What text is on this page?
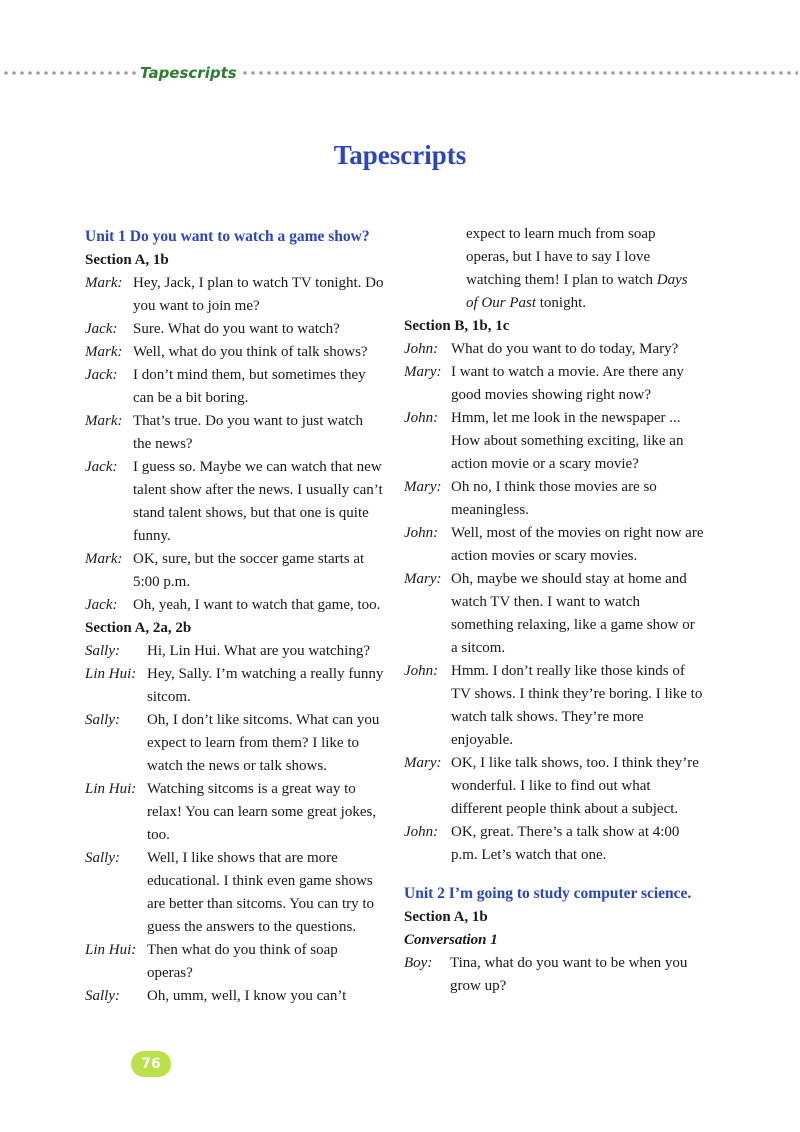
Tapescripts
Tapescripts
Unit 1 Do you want to watch a game show?
Section A, 1b
Mark: Hey, Jack, I plan to watch TV tonight. Do you want to join me?
Jack:	Sure. What do you want to watch?
Mark: Well, what do you think of talk shows?
Jack:	I don’t mind them, but sometimes they can be a bit boring.
Mark: That’s true. Do you want to just watch the news?
Jack:	I guess so. Maybe we can watch that new talent show after the news. I usually can’t stand talent shows, but that one is quite funny.
Mark: OK, sure, but the soccer game starts at 5:00 p.m.
Jack:	Oh, yeah, I want to watch that game, too.
Section A, 2a, 2b
Sally:	Hi, Lin Hui. What are you watching?
Lin Hui: Hey, Sally. I’m watching a really funny sitcom.
Sally:	Oh, I don’t like sitcoms. What can you expect to learn from them? I like to watch the news or talk shows.
Lin Hui: Watching sitcoms is a great way to relax! You can learn some great jokes, too.
Sally:	Well, I like shows that are more educational. I think even game shows are better than sitcoms. You can try to guess the answers to the questions.
Lin Hui: Then what do you think of soap operas?
Sally:	Oh, umm, well, I know you can’t
expect to learn much from soap
operas, but I have to say I love
watching them! I plan to watch Days
of Our Past tonight.
Section B, 1b, 1c
John: What do you want to do today, Mary?
Mary: I want to watch a movie. Are there any good movies showing right now?
John: Hmm, let me look in the newspaper ... How about something exciting, like an action movie or a scary movie?
Mary: Oh no, I think those movies are so meaningless.
John: Well, most of the movies on right now are action movies or scary movies.
Mary: Oh, maybe we should stay at home and watch TV then. I want to watch something relaxing, like a game show or a sitcom.
John: Hmm. I don’t really like those kinds of TV shows. I think they’re boring. I like to watch talk shows. They’re more enjoyable.
Mary: OK, I like talk shows, too. I think they’re wonderful. I like to find out what different people think about a subject.
John: OK, great. There’s a talk show at 4:00 p.m. Let’s watch that one.
Unit 2 I’m going to study computer science.
Section A, 1b
Conversation 1
Boy:	Tina, what do you want to be when you grow up?
76
